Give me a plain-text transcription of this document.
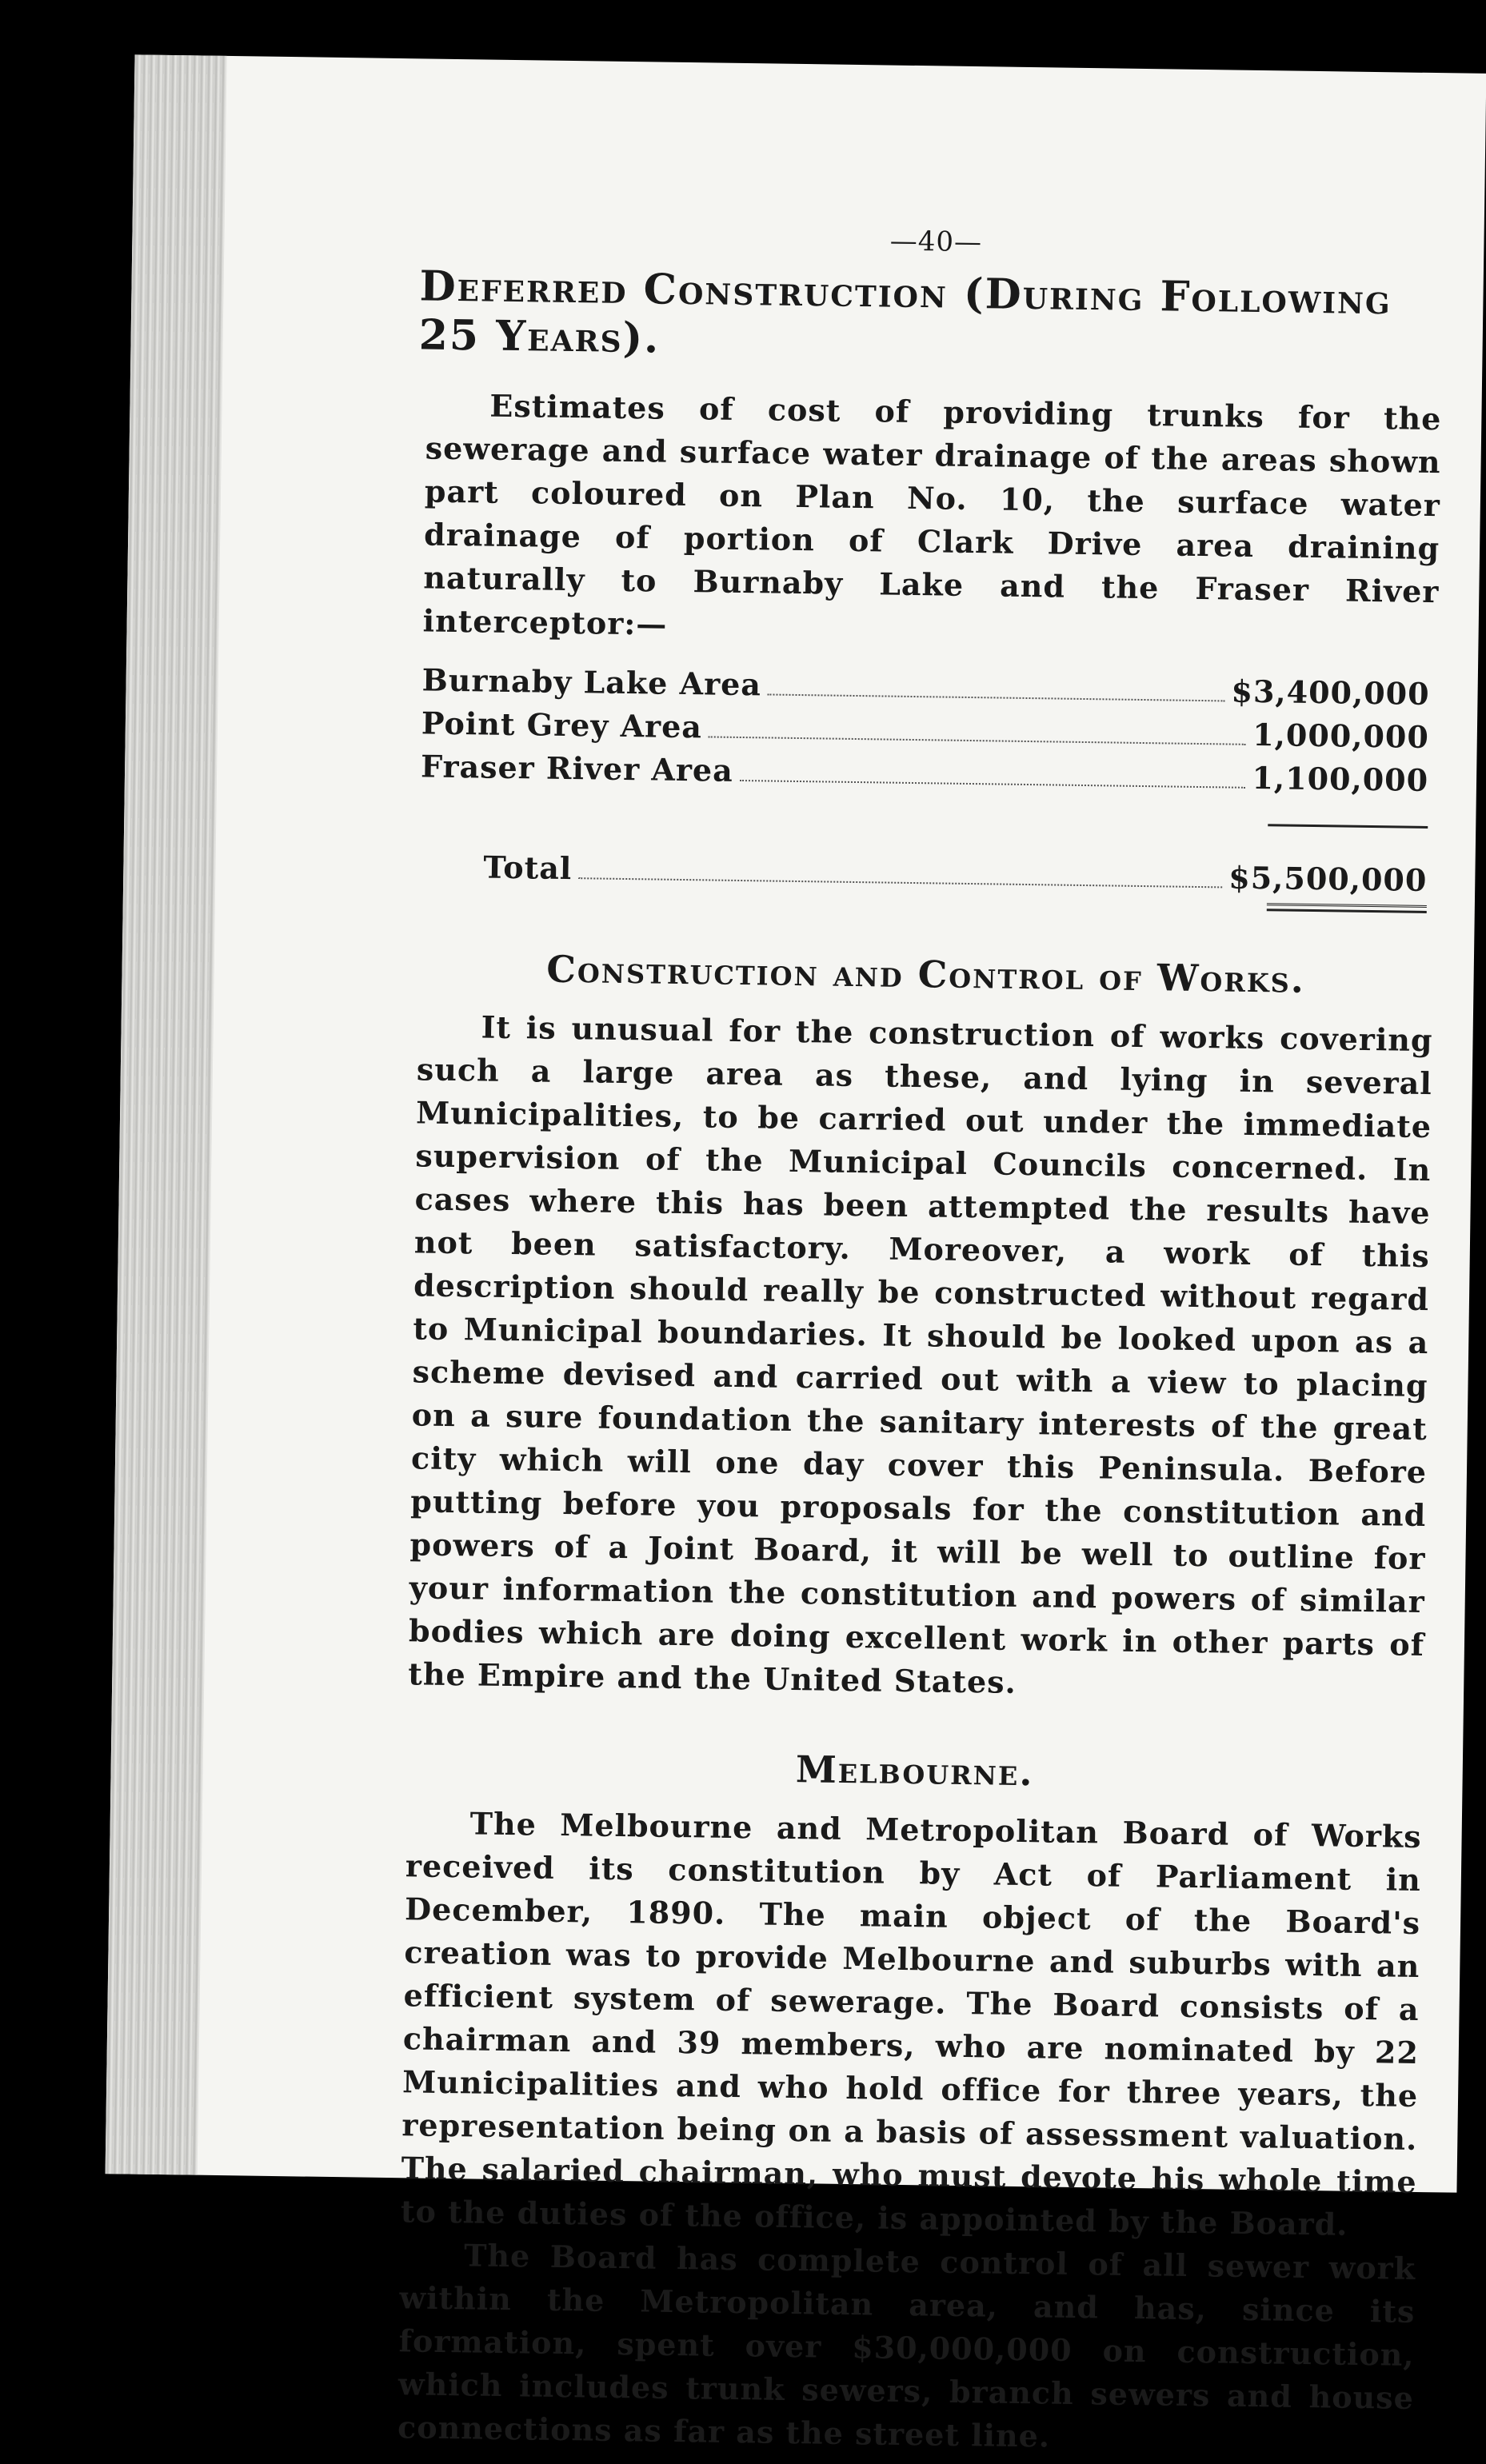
—40—
Deferred Construction (During Following 25 Years).

Estimates of cost of providing trunks for the sewerage and surface water drainage of the areas shown part coloured on Plan No. 10, the surface water drainage of portion of Clark Drive area draining naturally to Burnaby Lake and the Fraser River interceptor:—

Burnaby Lake Area	$3,400,000
Point Grey Area	1,000,000
Fraser River Area	1,100,000
Total	$5,500,000
Construction and Control of Works.

It is unusual for the construction of works covering such a large area as these, and lying in several Municipalities, to be carried out under the immediate supervision of the Municipal Councils concerned. In cases where this has been attempted the results have not been satisfactory. Moreover, a work of this description should really be constructed without regard to Municipal boundaries. It should be looked upon as a scheme devised and carried out with a view to placing on a sure foundation the sanitary interests of the great city which will one day cover this Peninsula. Before putting before you proposals for the constitution and powers of a Joint Board, it will be well to outline for your information the constitution and powers of similar bodies which are doing excellent work in other parts of the Empire and the United States.

Melbourne.

The Melbourne and Metropolitan Board of Works received its constitution by Act of Parliament in December, 1890. The main object of the Board's creation was to provide Melbourne and suburbs with an efficient system of sewerage. The Board consists of a chairman and 39 members, who are nominated by 22 Municipalities and who hold office for three years, the representation being on a basis of assessment valuation. The salaried chairman, who must devote his whole time to the duties of the office, is appointed by the Board.

The Board has complete control of all sewer work within the Metropolitan area, and has, since its formation, spent over $30,000,000 on construction, which includes trunk sewers, branch sewers and house connections as far as the street line.
